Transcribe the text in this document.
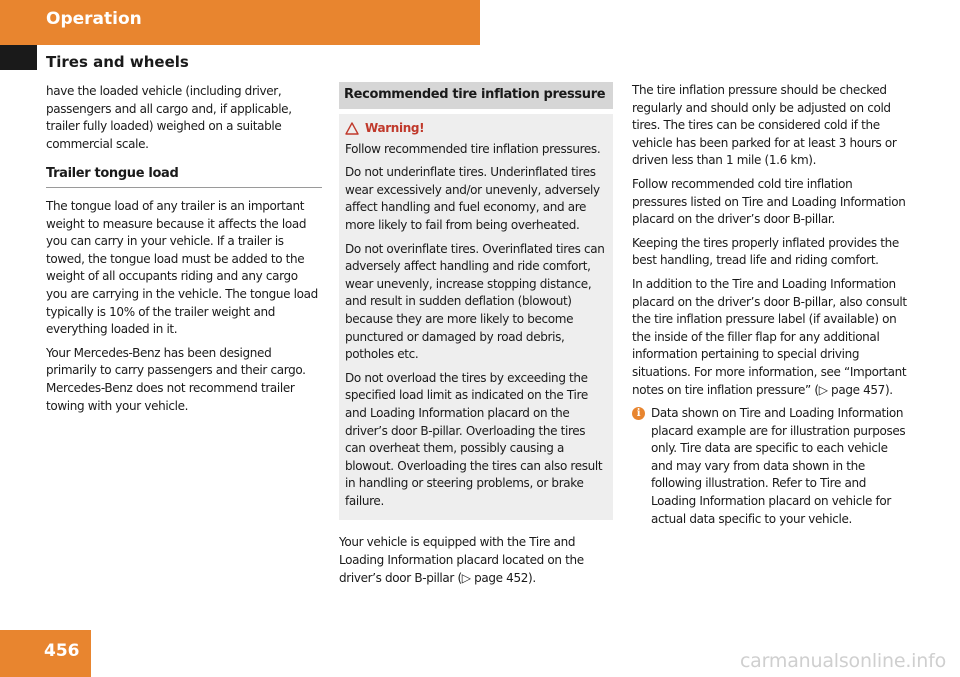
Operation
Tires and wheels

have the loaded vehicle (including driver, passengers and all cargo and, if applicable, trailer fully loaded) weighed on a suitable commercial scale.

Trailer tongue load

The tongue load of any trailer is an important weight to measure because it affects the load you can carry in your vehicle. If a trailer is towed, the tongue load must be added to the weight of all occupants riding and any cargo you are carrying in the vehicle. The tongue load typically is 10% of the trailer weight and everything loaded in it.

Your Mercedes-Benz has been designed primarily to carry passengers and their cargo. Mercedes-Benz does not recommend trailer towing with your vehicle.

Recommended tire inflation pressure
Warning!

Follow recommended tire inflation pressures.

Do not underinflate tires. Underinflated tires wear excessively and/or unevenly, adversely affect handling and fuel economy, and are more likely to fail from being overheated.

Do not overinflate tires. Overinflated tires can adversely affect handling and ride comfort, wear unevenly, increase stopping distance, and result in sudden deflation (blowout) because they are more likely to become punctured or damaged by road debris, potholes etc.

Do not overload the tires by exceeding the specified load limit as indicated on the Tire and Loading Information placard on the driver’s door B-pillar. Overloading the tires can overheat them, possibly causing a blowout. Overloading the tires can also result in handling or steering problems, or brake failure.

Your vehicle is equipped with the Tire and Loading Information placard located on the driver’s door B-pillar (▷ page 452).

The tire inflation pressure should be checked regularly and should only be adjusted on cold tires. The tires can be considered cold if the vehicle has been parked for at least 3 hours or driven less than 1 mile (1.6 km).

Follow recommended cold tire inflation pressures listed on Tire and Loading Information placard on the driver’s door B-pillar.

Keeping the tires properly inflated provides the best handling, tread life and riding comfort.

In addition to the Tire and Loading Information placard on the driver’s door B-pillar, also consult the tire inflation pressure label (if available) on the inside of the filler flap for any additional information pertaining to special driving situations. For more information, see “Important notes on tire inflation pressure” (▷ page 457).

i Data shown on Tire and Loading Information placard example are for illustration purposes only. Tire data are specific to each vehicle and may vary from data shown in the following illustration. Refer to Tire and Loading Information placard on vehicle for actual data specific to your vehicle.

456	carmanualsonline.info
